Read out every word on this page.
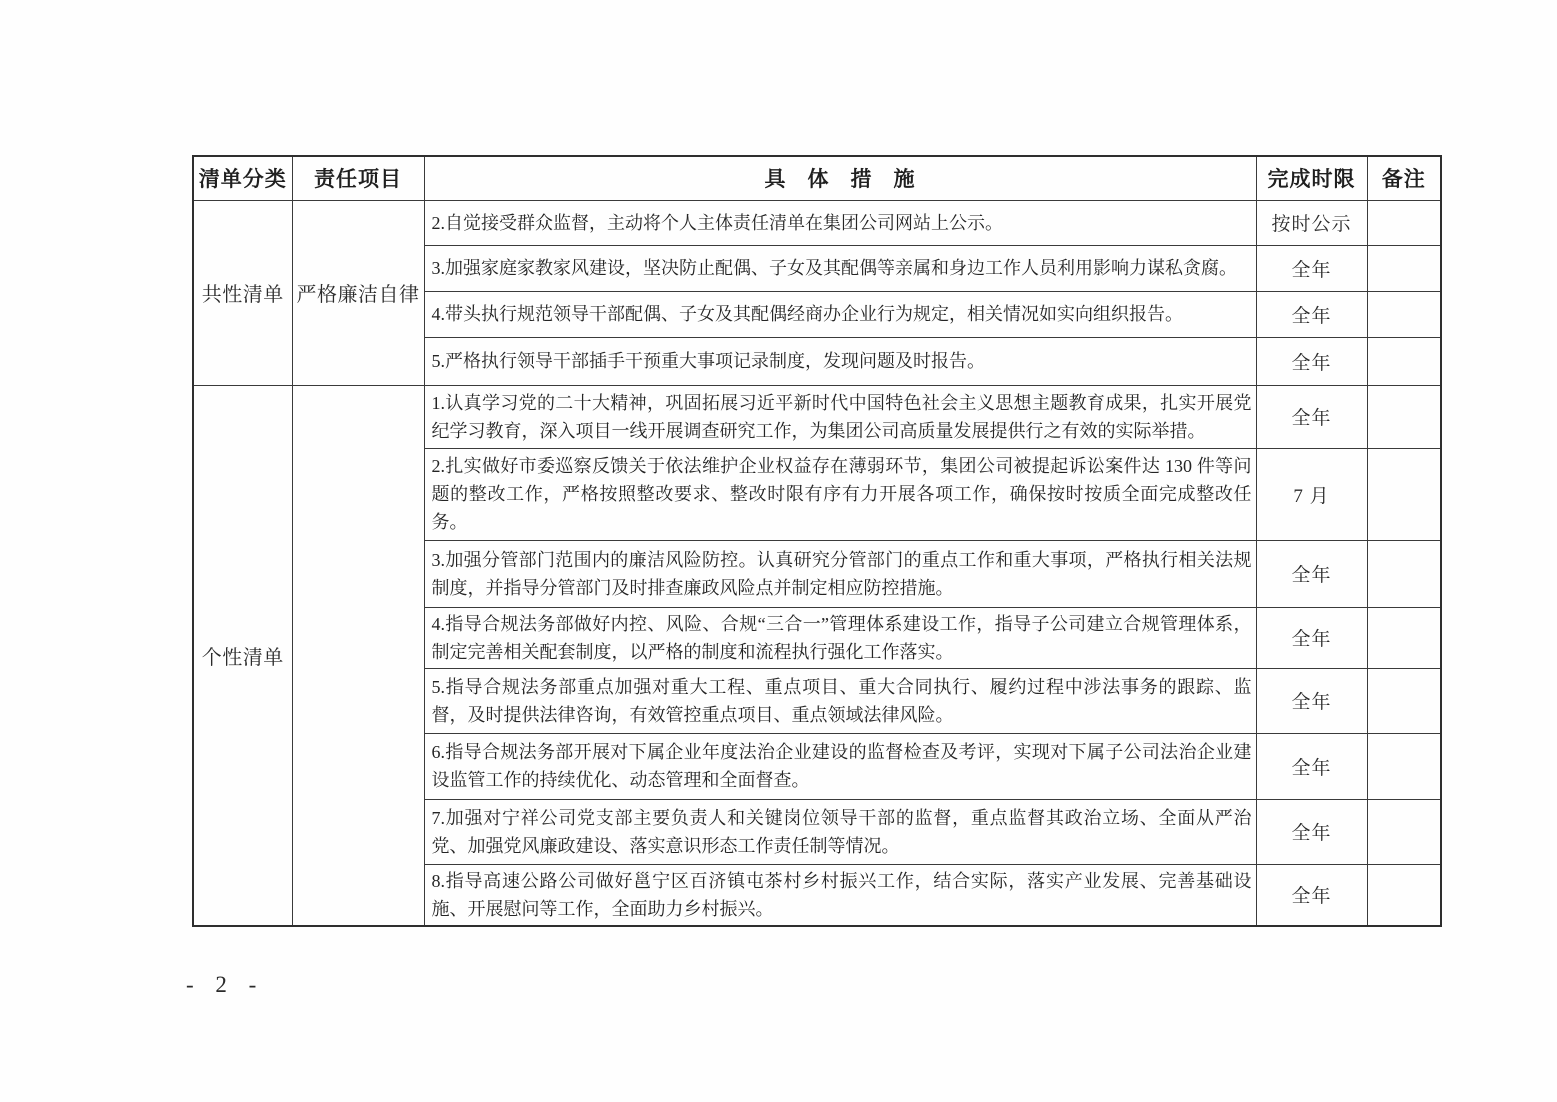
清单分类	责任项目	具体措施	完成时限	备注
共性清单	严格廉洁自律	2.自觉接受群众监督，主动将个人主体责任清单在集团公司网站上公示。	按时公示	
		3.加强家庭家教家风建设，坚决防止配偶、子女及其配偶等亲属和身边工作人员利用影响力谋私贪腐。	全年	
		4.带头执行规范领导干部配偶、子女及其配偶经商办企业行为规定，相关情况如实向组织报告。	全年	
		5.严格执行领导干部插手干预重大事项记录制度，发现问题及时报告。	全年	
个性清单		1.认真学习党的二十大精神，巩固拓展习近平新时代中国特色社会主义思想主题教育成果，扎实开展党纪学习教育，深入项目一线开展调查研究工作，为集团公司高质量发展提供行之有效的实际举措。	全年	
		2.扎实做好市委巡察反馈关于依法维护企业权益存在薄弱环节，集团公司被提起诉讼案件达 130 件等问题的整改工作，严格按照整改要求、整改时限有序有力开展各项工作，确保按时按质全面完成整改任务。	7 月	
		3.加强分管部门范围内的廉洁风险防控。认真研究分管部门的重点工作和重大事项，严格执行相关法规制度，并指导分管部门及时排查廉政风险点并制定相应防控措施。	全年	
		4.指导合规法务部做好内控、风险、合规“三合一”管理体系建设工作，指导子公司建立合规管理体系，制定完善相关配套制度，以严格的制度和流程执行强化工作落实。	全年	
		5.指导合规法务部重点加强对重大工程、重点项目、重大合同执行、履约过程中涉法事务的跟踪、监督，及时提供法律咨询，有效管控重点项目、重点领域法律风险。	全年	
		6.指导合规法务部开展对下属企业年度法治企业建设的监督检查及考评，实现对下属子公司法治企业建设监管工作的持续优化、动态管理和全面督查。	全年	
		7.加强对宁祥公司党支部主要负责人和关键岗位领导干部的监督，重点监督其政治立场、全面从严治党、加强党风廉政建设、落实意识形态工作责任制等情况。	全年	
		8.指导高速公路公司做好邕宁区百济镇屯茶村乡村振兴工作，结合实际，落实产业发展、完善基础设施、开展慰问等工作，全面助力乡村振兴。	全年	
- 2 -
